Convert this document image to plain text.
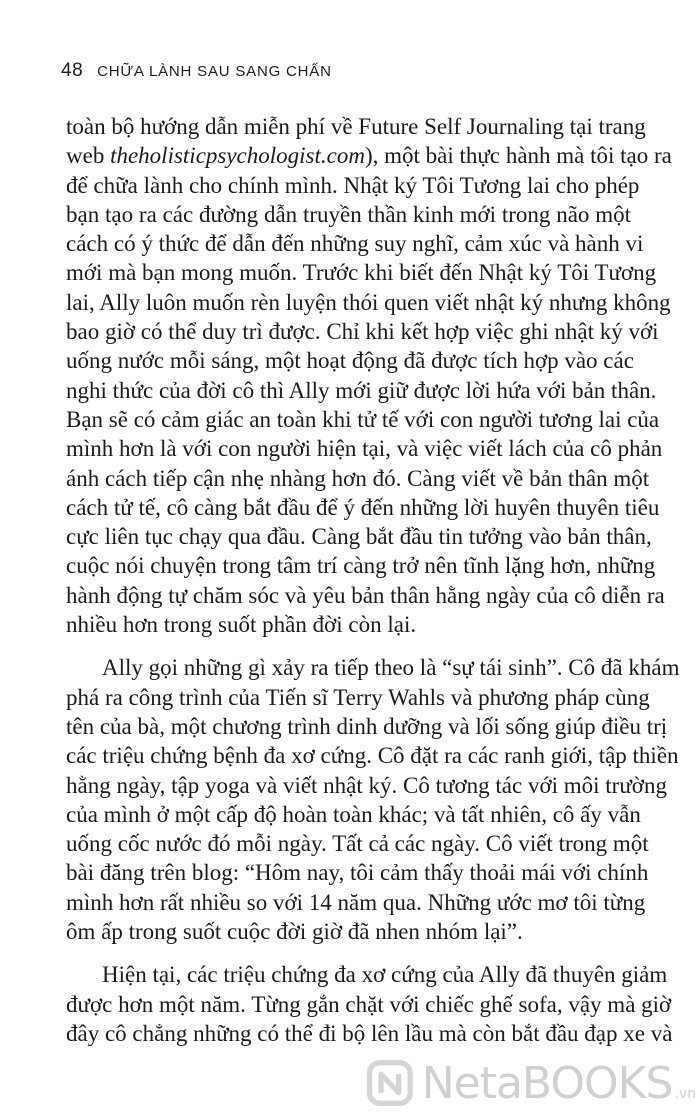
48 CHỮA LÀNH SAU SANG CHẤN

toàn bộ hướng dẫn miễn phí về Future Self Journaling tại trang
web theholisticpsychologist.com), một bài thực hành mà tôi tạo ra
để chữa lành cho chính mình. Nhật ký Tôi Tương lai cho phép
bạn tạo ra các đường dẫn truyền thần kinh mới trong não một
cách có ý thức để dẫn đến những suy nghĩ, cảm xúc và hành vi
mới mà bạn mong muốn. Trước khi biết đến Nhật ký Tôi Tương
lai, Ally luôn muốn rèn luyện thói quen viết nhật ký nhưng không
bao giờ có thể duy trì được. Chỉ khi kết hợp việc ghi nhật ký với
uống nước mỗi sáng, một hoạt động đã được tích hợp vào các
nghi thức của đời cô thì Ally mới giữ được lời hứa với bản thân.
Bạn sẽ có cảm giác an toàn khi tử tế với con người tương lai của
mình hơn là với con người hiện tại, và việc viết lách của cô phản
ánh cách tiếp cận nhẹ nhàng hơn đó. Càng viết về bản thân một
cách tử tế, cô càng bắt đầu để ý đến những lời huyên thuyên tiêu
cực liên tục chạy qua đầu. Càng bắt đầu tin tưởng vào bản thân,
cuộc nói chuyện trong tâm trí càng trở nên tĩnh lặng hơn, những
hành động tự chăm sóc và yêu bản thân hằng ngày của cô diễn ra
nhiều hơn trong suốt phần đời còn lại.

Ally gọi những gì xảy ra tiếp theo là “sự tái sinh”. Cô đã khám
phá ra công trình của Tiến sĩ Terry Wahls và phương pháp cùng
tên của bà, một chương trình dinh dưỡng và lối sống giúp điều trị
các triệu chứng bệnh đa xơ cứng. Cô đặt ra các ranh giới, tập thiền
hằng ngày, tập yoga và viết nhật ký. Cô tương tác với môi trường
của mình ở một cấp độ hoàn toàn khác; và tất nhiên, cô ấy vẫn
uống cốc nước đó mỗi ngày. Tất cả các ngày. Cô viết trong một
bài đăng trên blog: “Hôm nay, tôi cảm thấy thoải mái với chính
mình hơn rất nhiều so với 14 năm qua. Những ước mơ tôi từng
ôm ấp trong suốt cuộc đời giờ đã nhen nhóm lại”.

Hiện tại, các triệu chứng đa xơ cứng của Ally đã thuyên giảm
được hơn một năm. Từng gắn chặt với chiếc ghế sofa, vậy mà giờ
đây cô chẳng những có thể đi bộ lên lầu mà còn bắt đầu đạp xe và

NetaBOOKS .vn
